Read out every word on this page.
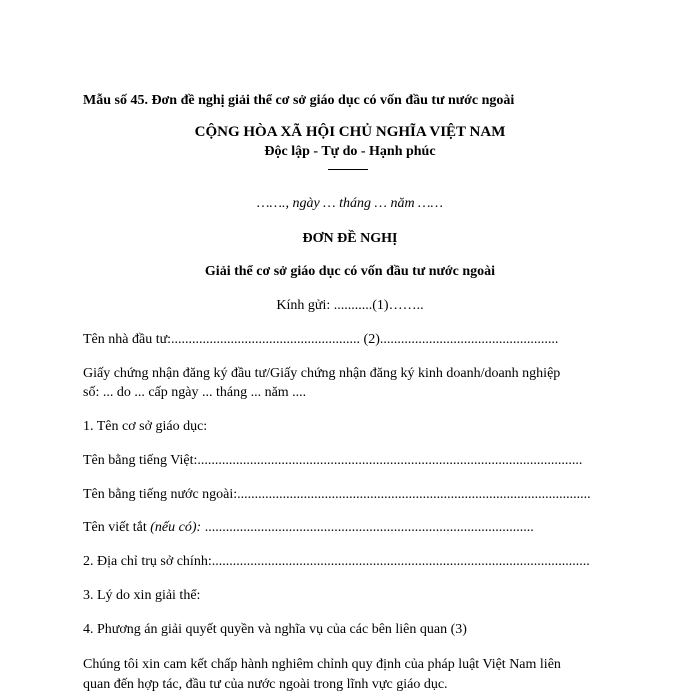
Mẫu số 45. Đơn đề nghị giải thể cơ sở giáo dục có vốn đầu tư nước ngoài
CỘNG HÒA XÃ HỘI CHỦ NGHĨA VIỆT NAM
Độc lập - Tự do - Hạnh phúc
……., ngày … tháng … năm ……
ĐƠN ĐỀ NGHỊ
Giải thể cơ sở giáo dục có vốn đầu tư nước ngoài
Kính gửi: ...........(1)……..
Tên nhà đầu tư:...................................................... (2)...................................................
Giấy chứng nhận đăng ký đầu tư/Giấy chứng nhận đăng ký kinh doanh/doanh nghiệp
số: ... do ... cấp ngày ... tháng ... năm ....
1. Tên cơ sở giáo dục:
Tên bằng tiếng Việt:..............................................................................................................
Tên bằng tiếng nước ngoài:.....................................................................................................
Tên viết tắt (nếu có): ..............................................................................................
2. Địa chỉ trụ sở chính:............................................................................................................
3. Lý do xin giải thể:
4. Phương án giải quyết quyền và nghĩa vụ của các bên liên quan (3)
Chúng tôi xin cam kết chấp hành nghiêm chỉnh quy định của pháp luật Việt Nam liên
quan đến hợp tác, đầu tư của nước ngoài trong lĩnh vực giáo dục.
